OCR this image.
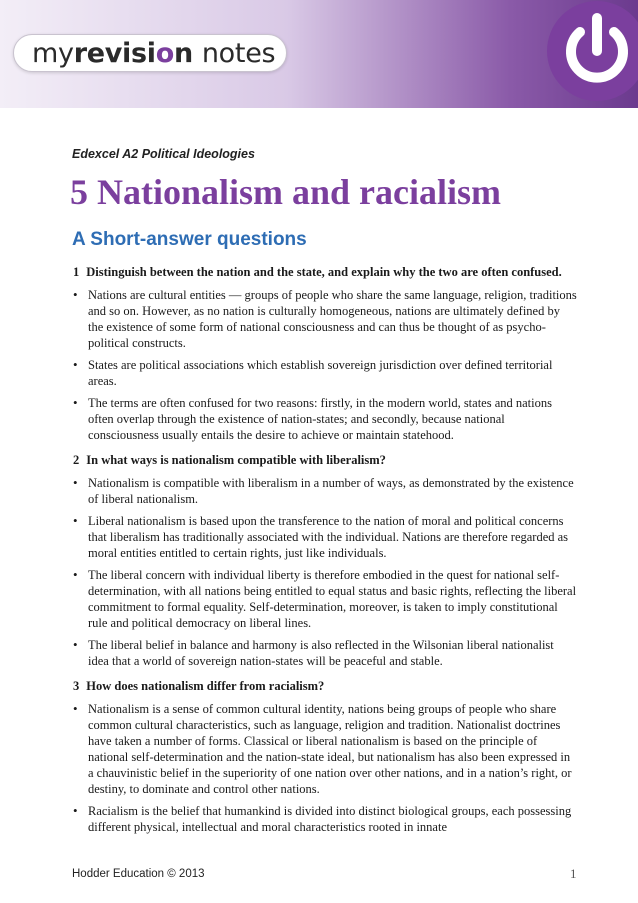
my revisi o n notes
Edexcel A2 Political Ideologies
5 Nationalism and racialism
A Short-answer questions

1 Distinguish between the nation and the state, and explain why the two are often confused.

• Nations are cultural entities — groups of people who share the same language, religion, traditions and so on. However, as no nation is culturally homogeneous, nations are ultimately defined by the existence of some form of national consciousness and can thus be thought of as psycho-political constructs.
• States are political associations which establish sovereign jurisdiction over defined territorial areas.
• The terms are often confused for two reasons: firstly, in the modern world, states and nations often overlap through the existence of nation-states; and secondly, because national consciousness usually entails the desire to achieve or maintain statehood.

2 In what ways is nationalism compatible with liberalism?

• Nationalism is compatible with liberalism in a number of ways, as demonstrated by the existence of liberal nationalism.
• Liberal nationalism is based upon the transference to the nation of moral and political concerns that liberalism has traditionally associated with the individual. Nations are therefore regarded as moral entities entitled to certain rights, just like individuals.
• The liberal concern with individual liberty is therefore embodied in the quest for national self-determination, with all nations being entitled to equal status and basic rights, reflecting the liberal commitment to formal equality. Self-determination, moreover, is taken to imply constitutional rule and political democracy on liberal lines.
• The liberal belief in balance and harmony is also reflected in the Wilsonian liberal nationalist idea that a world of sovereign nation-states will be peaceful and stable.

3 How does nationalism differ from racialism?

• Nationalism is a sense of common cultural identity, nations being groups of people who share common cultural characteristics, such as language, religion and tradition. Nationalist doctrines have taken a number of forms. Classical or liberal nationalism is based on the principle of national self-determination and the nation-state ideal, but nationalism has also been expressed in a chauvinistic belief in the superiority of one nation over other nations, and in a nation’s right, or destiny, to dominate and control other nations.
• Racialism is the belief that humankind is divided into distinct biological groups, each possessing different physical, intellectual and moral characteristics rooted in innate
Hodder Education © 2013	1
